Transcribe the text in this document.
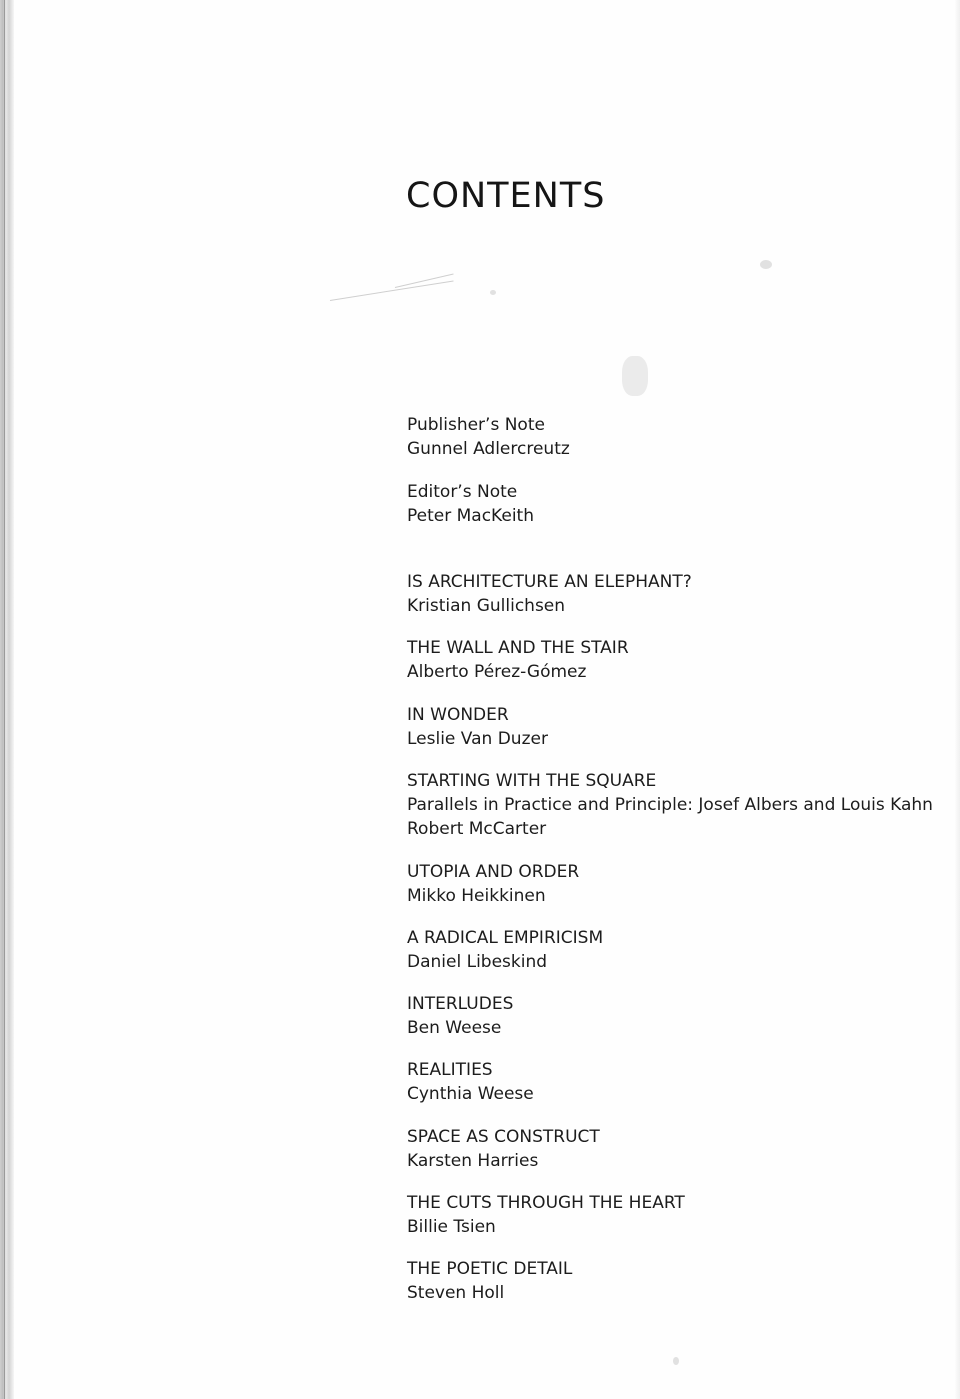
CONTENTS
Publisher’s Note
Gunnel Adlercreutz
Editor’s Note
Peter MacKeith
IS ARCHITECTURE AN ELEPHANT?
Kristian Gullichsen
THE WALL AND THE STAIR
Alberto Pérez-Gómez
IN WONDER
Leslie Van Duzer
STARTING WITH THE SQUARE
Parallels in Practice and Principle: Josef Albers and Louis Kahn
Robert McCarter
UTOPIA AND ORDER
Mikko Heikkinen
A RADICAL EMPIRICISM
Daniel Libeskind
INTERLUDES
Ben Weese
REALITIES
Cynthia Weese
SPACE AS CONSTRUCT
Karsten Harries
THE CUTS THROUGH THE HEART
Billie Tsien
THE POETIC DETAIL
Steven Holl
